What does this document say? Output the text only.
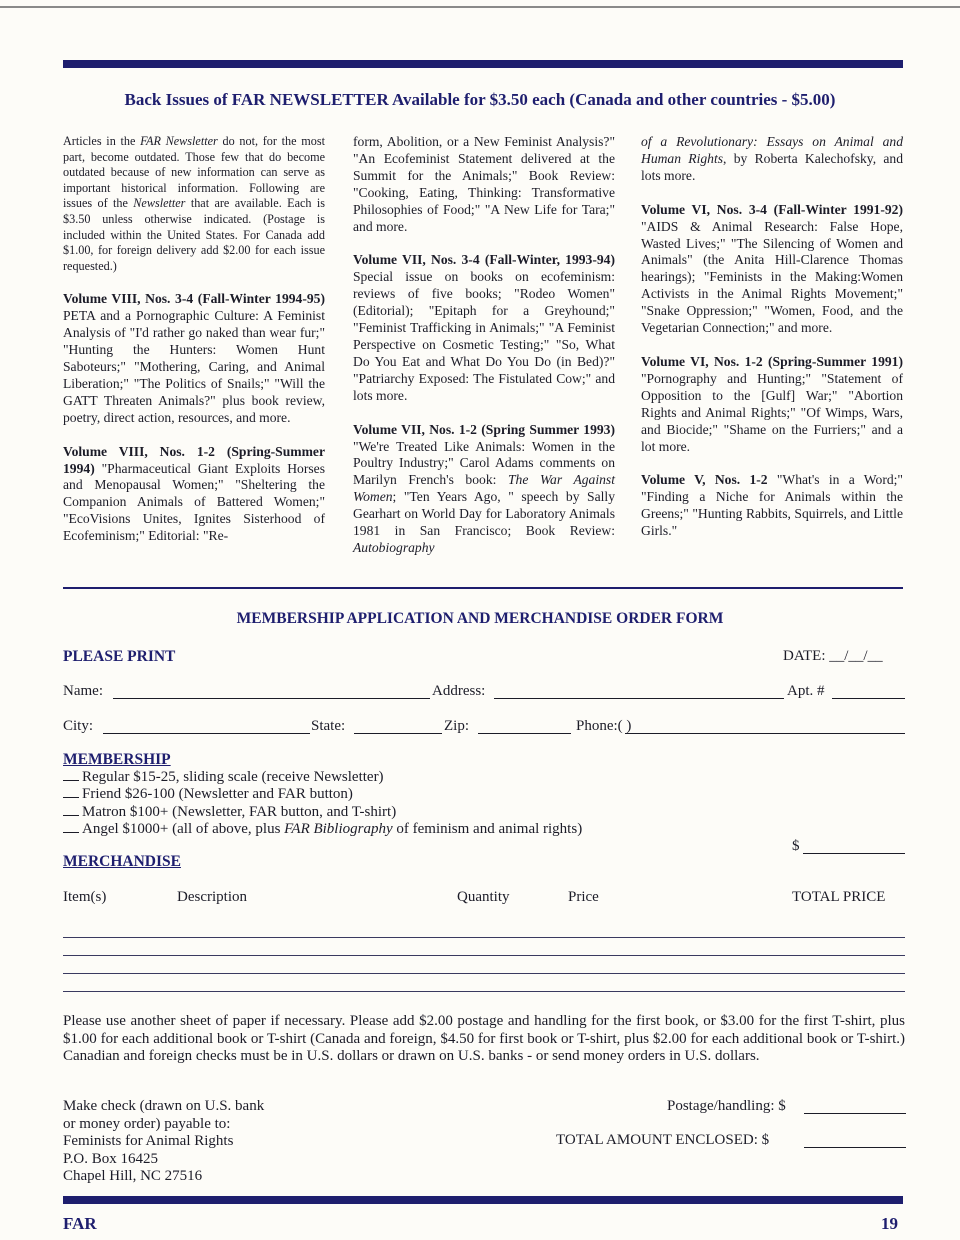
Back Issues of FAR NEWSLETTER Available for $3.50 each (Canada and other countries - $5.00)

Articles in the FAR Newsletter do not, for the most part, become outdated. Those few that do become outdated because of new information can serve as important historical information. Following are issues of the Newsletter that are available. Each is $3.50 unless otherwise indicated. (Postage is included within the United States. For Canada add $1.00, for foreign delivery add $2.00 for each issue requested.)

Volume VIII, Nos. 3-4 (Fall-Winter 1994-95) PETA and a Pornographic Culture: A Feminist Analysis of "I'd rather go naked than wear fur;" "Hunting the Hunters: Women Hunt Saboteurs;" "Mothering, Caring, and Animal Liberation;" "The Politics of Snails;" "Will the GATT Threaten Animals?" plus book review, poetry, direct action, resources, and more.

Volume VIII, Nos. 1-2 (Spring-Summer 1994) "Pharmaceutical Giant Exploits Horses and Menopausal Women;" "Sheltering the Companion Animals of Battered Women;" "EcoVisions Unites, Ignites Sisterhood of Ecofeminism;" Editorial: "Re-

form, Abolition, or a New Feminist Analysis?" "An Ecofeminist Statement delivered at the Summit for the Animals;" Book Review: "Cooking, Eating, Thinking: Transformative Philosophies of Food;" "A New Life for Tara;" and more.

Volume VII, Nos. 3-4 (Fall-Winter, 1993-94) Special issue on books on ecofeminism: reviews of five books; "Rodeo Women" (Editorial); "Epitaph for a Greyhound;" "Feminist Trafficking in Animals;" "A Feminist Perspective on Cosmetic Testing;" "So, What Do You Eat and What Do You Do (in Bed)?" "Patriarchy Exposed: The Fistulated Cow;" and lots more.

Volume VII, Nos. 1-2 (Spring Summer 1993) "We're Treated Like Animals: Women in the Poultry Industry;" Carol Adams comments on Marilyn French's book: The War Against Women; "Ten Years Ago, " speech by Sally Gearhart on World Day for Laboratory Animals 1981 in San Francisco; Book Review: Autobiography

of a Revolutionary: Essays on Animal and Human Rights, by Roberta Kalechofsky, and lots more.

Volume VI, Nos. 3-4 (Fall-Winter 1991-92) "AIDS & Animal Research: False Hope, Wasted Lives;" "The Silencing of Women and Animals" (the Anita Hill-Clarence Thomas hearings); "Feminists in the Making:Women Activists in the Animal Rights Movement;" "Snake Oppression;" "Women, Food, and the Vegetarian Connection;" and more.

Volume VI, Nos. 1-2 (Spring-Summer 1991) "Pornography and Hunting;" "Statement of Opposition to the [Gulf] War;" "Abortion Rights and Animal Rights;" "Of Wimps, Wars, and Biocide;" "Shame on the Furriers;" and a lot more.

Volume V, Nos. 1-2 "What's in a Word;" "Finding a Niche for Animals within the Greens;" "Hunting Rabbits, Squirrels, and Little Girls."

MEMBERSHIP APPLICATION AND MERCHANDISE ORDER FORM
PLEASE PRINT	DATE: __/__/__
Name:	Address:	Apt. #
City:	State:	Zip:	Phone:( )
MEMBERSHIP
Regular $15-25, sliding scale (receive Newsletter)
Friend $26-100 (Newsletter and FAR button)
Matron $100+ (Newsletter, FAR button, and T-shirt)
Angel $1000+ (all of above, plus FAR Bibliography of feminism and animal rights)
$
MERCHANDISE
Item(s)	Description	Quantity	Price	TOTAL PRICE
Please use another sheet of paper if necessary. Please add $2.00 postage and handling for the first book, or $3.00 for the first T-shirt, plus $1.00 for each additional book or T-shirt (Canada and foreign, $4.50 for first book or T-shirt, plus $2.00 for each additional book or T-shirt.) Canadian and foreign checks must be in U.S. dollars or drawn on U.S. banks - or send money orders in U.S. dollars.
Make check (drawn on U.S. bank
or money order) payable to:
Feminists for Animal Rights
P.O. Box 16425
Chapel Hill, NC 27516
Postage/handling: $
TOTAL AMOUNT ENCLOSED: $
FAR	19
